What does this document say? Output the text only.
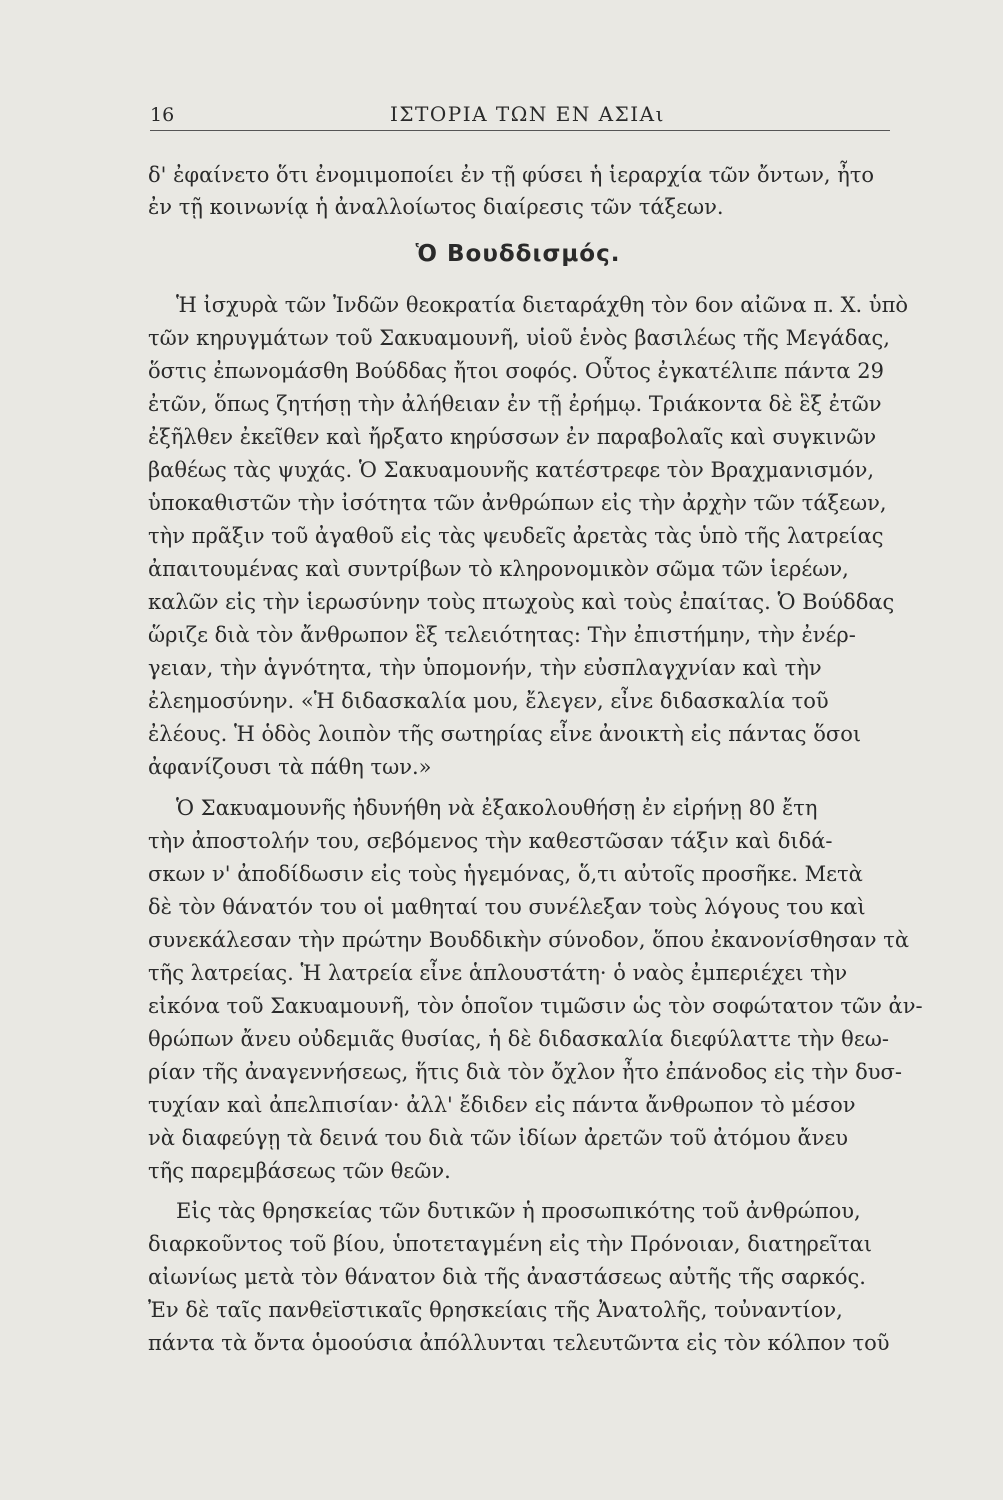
16	ΙΣΤΟΡΙΑ ΤΩΝ ΕΝ ΑΣΙΑι
δ' ἐφαίνετο ὅτι ἐνομιμοποίει ἐν τῇ φύσει ἡ ἱεραρχία τῶν ὄντων, ἦτο
ἐν τῇ κοινωνίᾳ ἡ ἀναλλοίωτος διαίρεσις τῶν τάξεων.
Ὁ Βουδδισμός.
Ἡ ἰσχυρὰ τῶν Ἰνδῶν θεοκρατία διεταράχθη τὸν 6ον αἰῶνα π. Χ. ὑπὸ
τῶν κηρυγμάτων τοῦ Σακυαμουνῆ, υἱοῦ ἑνὸς βασιλέως τῆς Μεγάδας,
ὅστις ἐπωνομάσθη Βούδδας ἤτοι σοφός. Οὗτος ἐγκατέλιπε πάντα 29
ἐτῶν, ὅπως ζητήσῃ τὴν ἀλήθειαν ἐν τῇ ἐρήμῳ. Τριάκοντα δὲ ἓξ ἐτῶν
ἐξῆλθεν ἐκεῖθεν καὶ ἤρξατο κηρύσσων ἐν παραβολαῖς καὶ συγκινῶν
βαθέως τὰς ψυχάς. Ὁ Σακυαμουνῆς κατέστρεφε τὸν Βραχμανισμόν,
ὑποκαθιστῶν τὴν ἰσότητα τῶν ἀνθρώπων εἰς τὴν ἀρχὴν τῶν τάξεων,
τὴν πρᾶξιν τοῦ ἀγαθοῦ εἰς τὰς ψευδεῖς ἀρετὰς τὰς ὑπὸ τῆς λατρείας
ἀπαιτουμένας καὶ συντρίβων τὸ κληρονομικὸν σῶμα τῶν ἱερέων,
καλῶν εἰς τὴν ἱερωσύνην τοὺς πτωχοὺς καὶ τοὺς ἐπαίτας. Ὁ Βούδδας
ὥριζε διὰ τὸν ἄνθρωπον ἓξ τελειότητας: Τὴν ἐπιστήμην, τὴν ἐνέρ-
γειαν, τὴν ἁγνότητα, τὴν ὑπομονήν, τὴν εὐσπλαγχνίαν καὶ τὴν
ἐλεημοσύνην. «Ἡ διδασκαλία μου, ἔλεγεν, εἶνε διδασκαλία τοῦ
ἐλέους. Ἡ ὁδὸς λοιπὸν τῆς σωτηρίας εἶνε ἀνοικτὴ εἰς πάντας ὅσοι
ἀφανίζουσι τὰ πάθη των.»
Ὁ Σακυαμουνῆς ἠδυνήθη νὰ ἐξακολουθήσῃ ἐν εἰρήνῃ 80 ἔτη
τὴν ἀποστολήν του, σεβόμενος τὴν καθεστῶσαν τάξιν καὶ διδά-
σκων ν' ἀποδίδωσιν εἰς τοὺς ἡγεμόνας, ὅ,τι αὐτοῖς προσῆκε. Μετὰ
δὲ τὸν θάνατόν του οἱ μαθηταί του συνέλεξαν τοὺς λόγους του καὶ
συνεκάλεσαν τὴν πρώτην Βουδδικὴν σύνοδον, ὅπου ἐκανονίσθησαν τὰ
τῆς λατρείας. Ἡ λατρεία εἶνε ἁπλουστάτη· ὁ ναὸς ἐμπεριέχει τὴν
εἰκόνα τοῦ Σακυαμουνῆ, τὸν ὁποῖον τιμῶσιν ὡς τὸν σοφώτατον τῶν ἀν-
θρώπων ἄνευ οὐδεμιᾶς θυσίας, ἡ δὲ διδασκαλία διεφύλαττε τὴν θεω-
ρίαν τῆς ἀναγεννήσεως, ἥτις διὰ τὸν ὄχλον ἦτο ἐπάνοδος εἰς τὴν δυσ-
τυχίαν καὶ ἀπελπισίαν· ἀλλ' ἔδιδεν εἰς πάντα ἄνθρωπον τὸ μέσον
νὰ διαφεύγῃ τὰ δεινά του διὰ τῶν ἰδίων ἀρετῶν τοῦ ἀτόμου ἄνευ
τῆς παρεμβάσεως τῶν θεῶν.
Εἰς τὰς θρησκείας τῶν δυτικῶν ἡ προσωπικότης τοῦ ἀνθρώπου,
διαρκοῦντος τοῦ βίου, ὑποτεταγμένη εἰς τὴν Πρόνοιαν, διατηρεῖται
αἰωνίως μετὰ τὸν θάνατον διὰ τῆς ἀναστάσεως αὐτῆς τῆς σαρκός.
Ἐν δὲ ταῖς πανθεϊστικαῖς θρησκείαις τῆς Ἀνατολῆς, τοὐναντίον,
πάντα τὰ ὄντα ὁμοούσια ἀπόλλυνται τελευτῶντα εἰς τὸν κόλπον τοῦ
